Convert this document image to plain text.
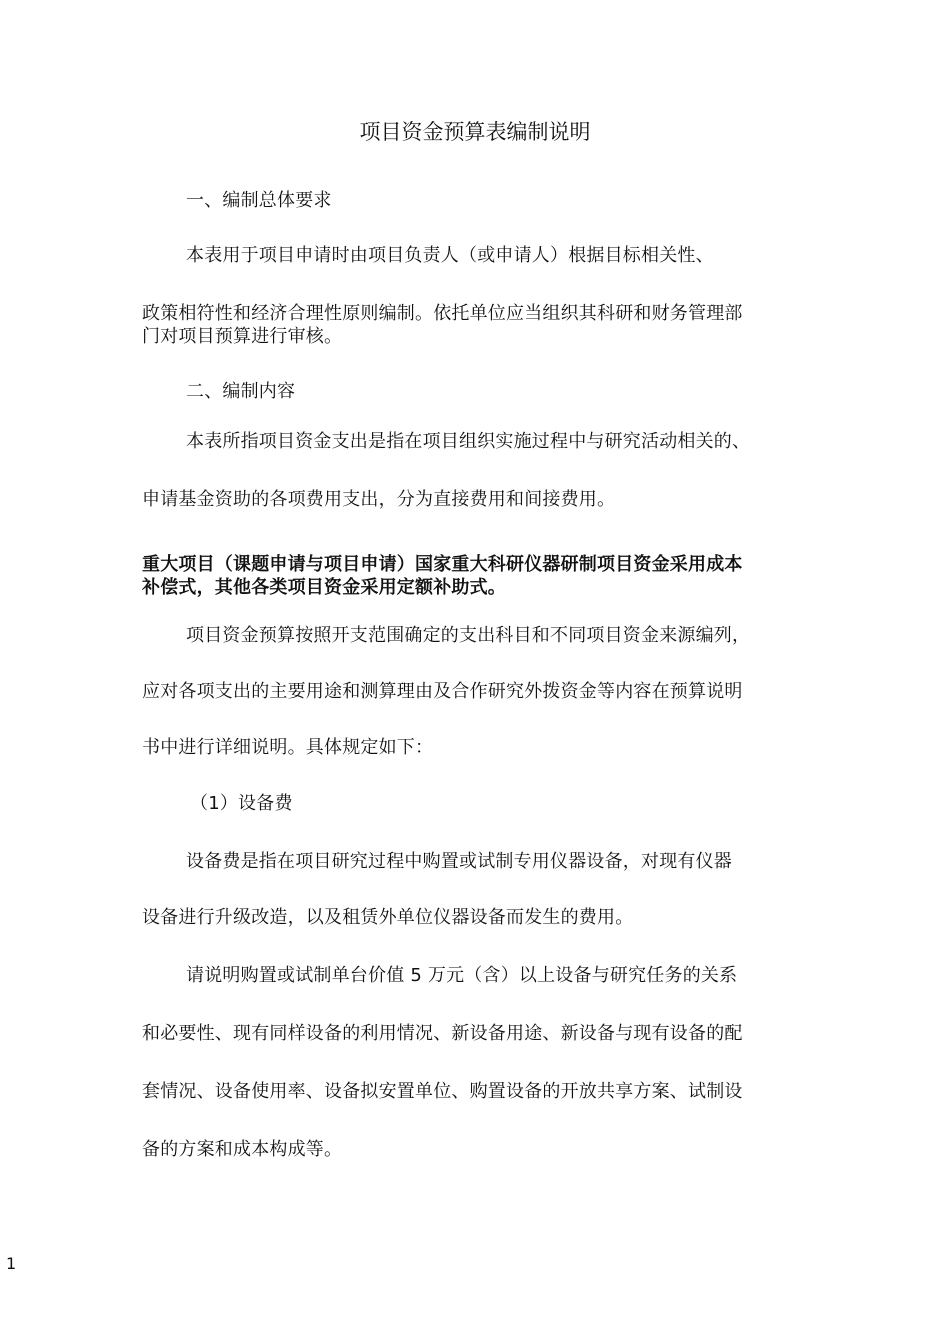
项目资金预算表编制说明
一、编制总体要求
本表用于项目申请时由项目负责人（或申请人）根据目标相关性、
政策相符性和经济合理性原则编制。依托单位应当组织其科研和财务管理部
门对项目预算进行审核。
二、编制内容
本表所指项目资金支出是指在项目组织实施过程中与研究活动相关的、
申请基金资助的各项费用支出，分为直接费用和间接费用。
重大项目（课题申请与项目申请）国家重大科研仪器研制项目资金采用成本
补偿式，其他各类项目资金采用定额补助式。
项目资金预算按照开支范围确定的支出科目和不同项目资金来源编列，
应对各项支出的主要用途和测算理由及合作研究外拨资金等内容在预算说明
书中进行详细说明。具体规定如下：
（1）设备费
设备费是指在项目研究过程中购置或试制专用仪器设备，对现有仪器
设备进行升级改造，以及租赁外单位仪器设备而发生的费用。
请说明购置或试制单台价值 5 万元（含）以上设备与研究任务的关系
和必要性、现有同样设备的利用情况、新设备用途、新设备与现有设备的配
套情况、设备使用率、设备拟安置单位、购置设备的开放共享方案、试制设
备的方案和成本构成等。
1
